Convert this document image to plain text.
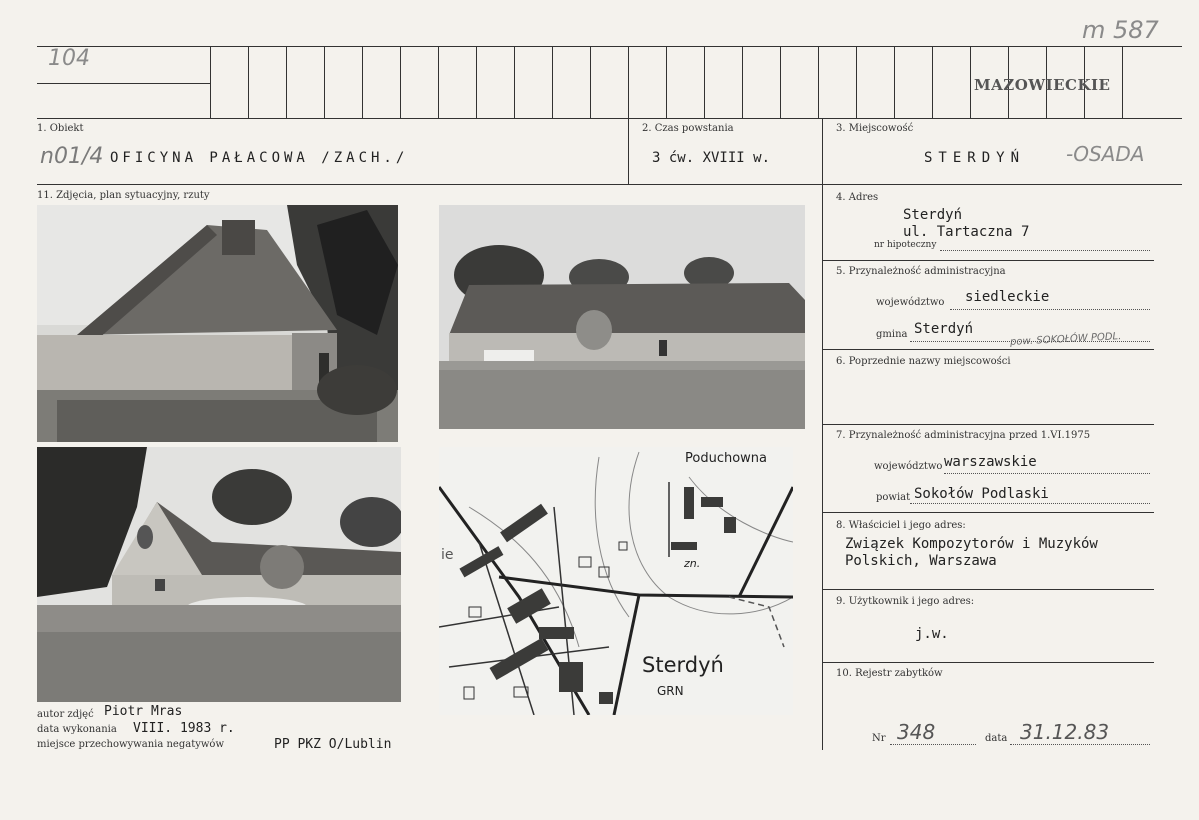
104
m 587
MAZOWIECKIE
1. Obiekt
n01/4 OFICYNA PAŁACOWA /ZACH./
2. Czas powstania
3 ćw. XVIII w.
3. Miejscowość
STERDYŃ -OSADA
11. Zdjęcia, plan sytuacyjny, rzuty
Poduchowna
Sterdyń
GRN
zn.
ie
autor zdjęć Piotr Mras
data wykonania VIII. 1983 r.
miejsce przechowywania negatywów	PP PKZ O/Lublin
4. Adres
Sterdyń
ul. Tartaczna 7
nr hipoteczny
5. Przynależność administracyjna
województwo siedleckie
gmina Sterdyń
pow. SOKOŁÓW PODL.
6. Poprzednie nazwy miejscowości
7. Przynależność administracyjna przed 1.VI.1975
województwo warszawskie
powiat Sokołów Podlaski
8. Właściciel i jego adres:
Związek Kompozytorów i Muzyków
Polskich, Warszawa
9. Użytkownik i jego adres:
j.w.
10. Rejestr zabytków
Nr 348	data 31.12.83
